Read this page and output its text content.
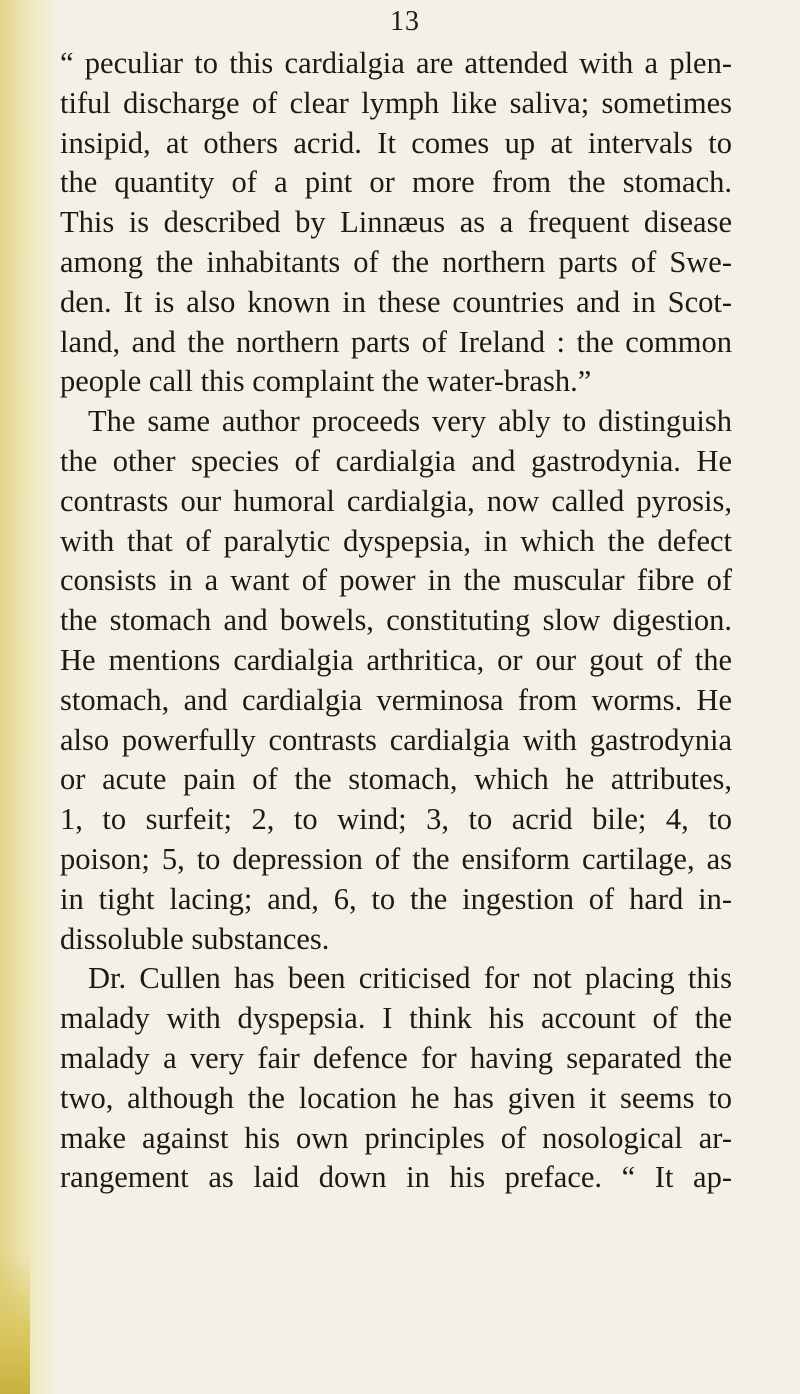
13
“ peculiar to this cardialgia are attended with a plen-
tiful discharge of clear lymph like saliva; sometimes
insipid, at others acrid. It comes up at intervals to
the quantity of a pint or more from the stomach.
This is described by Linnæus as a frequent disease
among the inhabitants of the northern parts of Swe-
den. It is also known in these countries and in Scot-
land, and the northern parts of Ireland : the common
people call this complaint the water-brash.”
The same author proceeds very ably to distinguish
the other species of cardialgia and gastrodynia. He
contrasts our humoral cardialgia, now called pyrosis,
with that of paralytic dyspepsia, in which the defect
consists in a want of power in the muscular fibre of
the stomach and bowels, constituting slow digestion.
He mentions cardialgia arthritica, or our gout of the
stomach, and cardialgia verminosa from worms. He
also powerfully contrasts cardialgia with gastrodynia
or acute pain of the stomach, which he attributes,
1, to surfeit; 2, to wind; 3, to acrid bile; 4, to
poison; 5, to depression of the ensiform cartilage, as
in tight lacing; and, 6, to the ingestion of hard in-
dissoluble substances.
Dr. Cullen has been criticised for not placing this
malady with dyspepsia. I think his account of the
malady a very fair defence for having separated the
two, although the location he has given it seems to
make against his own principles of nosological ar-
rangement as laid down in his preface. “ It ap-
